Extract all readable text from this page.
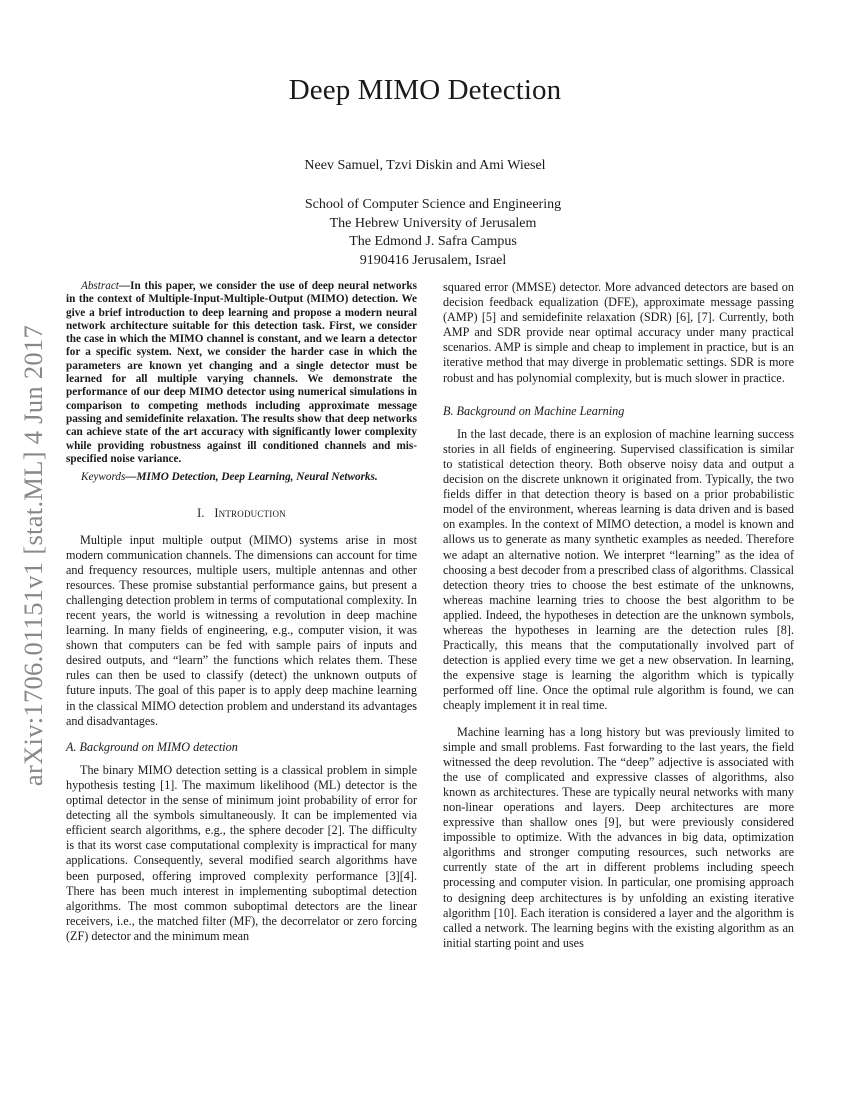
arXiv:1706.01151v1 [stat.ML] 4 Jun 2017
Deep MIMO Detection
Neev Samuel, Tzvi Diskin and Ami Wiesel
School of Computer Science and Engineering
The Hebrew University of Jerusalem
The Edmond J. Safra Campus
9190416 Jerusalem, Israel
Abstract—In this paper, we consider the use of deep neural networks in the context of Multiple-Input-Multiple-Output (MIMO) detection. We give a brief introduction to deep learning and propose a modern neural network architecture suitable for this detection task. First, we consider the case in which the MIMO channel is constant, and we learn a detector for a specific system. Next, we consider the harder case in which the parameters are known yet changing and a single detector must be learned for all multiple varying channels. We demonstrate the performance of our deep MIMO detector using numerical simulations in comparison to competing methods including approximate message passing and semidefinite relaxation. The results show that deep networks can achieve state of the art accuracy with significantly lower complexity while providing robustness against ill conditioned channels and mis-specified noise variance.
Keywords—MIMO Detection, Deep Learning, Neural Networks.
I. Introduction

Multiple input multiple output (MIMO) systems arise in most modern communication channels. The dimensions can account for time and frequency resources, multiple users, multiple antennas and other resources. These promise substantial performance gains, but present a challenging detection problem in terms of computational complexity. In recent years, the world is witnessing a revolution in deep machine learning. In many fields of engineering, e.g., computer vision, it was shown that computers can be fed with sample pairs of inputs and desired outputs, and “learn” the functions which relates them. These rules can then be used to classify (detect) the unknown outputs of future inputs. The goal of this paper is to apply deep machine learning in the classical MIMO detection problem and understand its advantages and disadvantages.

A. Background on MIMO detection

The binary MIMO detection setting is a classical problem in simple hypothesis testing [1]. The maximum likelihood (ML) detector is the optimal detector in the sense of minimum joint probability of error for detecting all the symbols simultaneously. It can be implemented via efficient search algorithms, e.g., the sphere decoder [2]. The difficulty is that its worst case computational complexity is impractical for many applications. Consequently, several modified search algorithms have been purposed, offering improved complexity performance [3][4]. There has been much interest in implementing suboptimal detection algorithms. The most common suboptimal detectors are the linear receivers, i.e., the matched filter (MF), the decorrelator or zero forcing (ZF) detector and the minimum mean

squared error (MMSE) detector. More advanced detectors are based on decision feedback equalization (DFE), approximate message passing (AMP) [5] and semidefinite relaxation (SDR) [6], [7]. Currently, both AMP and SDR provide near optimal accuracy under many practical scenarios. AMP is simple and cheap to implement in practice, but is an iterative method that may diverge in problematic settings. SDR is more robust and has polynomial complexity, but is much slower in practice.

B. Background on Machine Learning

In the last decade, there is an explosion of machine learning success stories in all fields of engineering. Supervised classification is similar to statistical detection theory. Both observe noisy data and output a decision on the discrete unknown it originated from. Typically, the two fields differ in that detection theory is based on a prior probabilistic model of the environment, whereas learning is data driven and is based on examples. In the context of MIMO detection, a model is known and allows us to generate as many synthetic examples as needed. Therefore we adapt an alternative notion. We interpret “learning” as the idea of choosing a best decoder from a prescribed class of algorithms. Classical detection theory tries to choose the best estimate of the unknowns, whereas machine learning tries to choose the best algorithm to be applied. Indeed, the hypotheses in detection are the unknown symbols, whereas the hypotheses in learning are the detection rules [8]. Practically, this means that the computationally involved part of detection is applied every time we get a new observation. In learning, the expensive stage is learning the algorithm which is typically performed off line. Once the optimal rule algorithm is found, we can cheaply implement it in real time.

Machine learning has a long history but was previously limited to simple and small problems. Fast forwarding to the last years, the field witnessed the deep revolution. The “deep” adjective is associated with the use of complicated and expressive classes of algorithms, also known as architectures. These are typically neural networks with many non-linear operations and layers. Deep architectures are more expressive than shallow ones [9], but were previously considered impossible to optimize. With the advances in big data, optimization algorithms and stronger computing resources, such networks are currently state of the art in different problems including speech processing and computer vision. In particular, one promising approach to designing deep architectures is by unfolding an existing iterative algorithm [10]. Each iteration is considered a layer and the algorithm is called a network. The learning begins with the existing algorithm as an initial starting point and uses
